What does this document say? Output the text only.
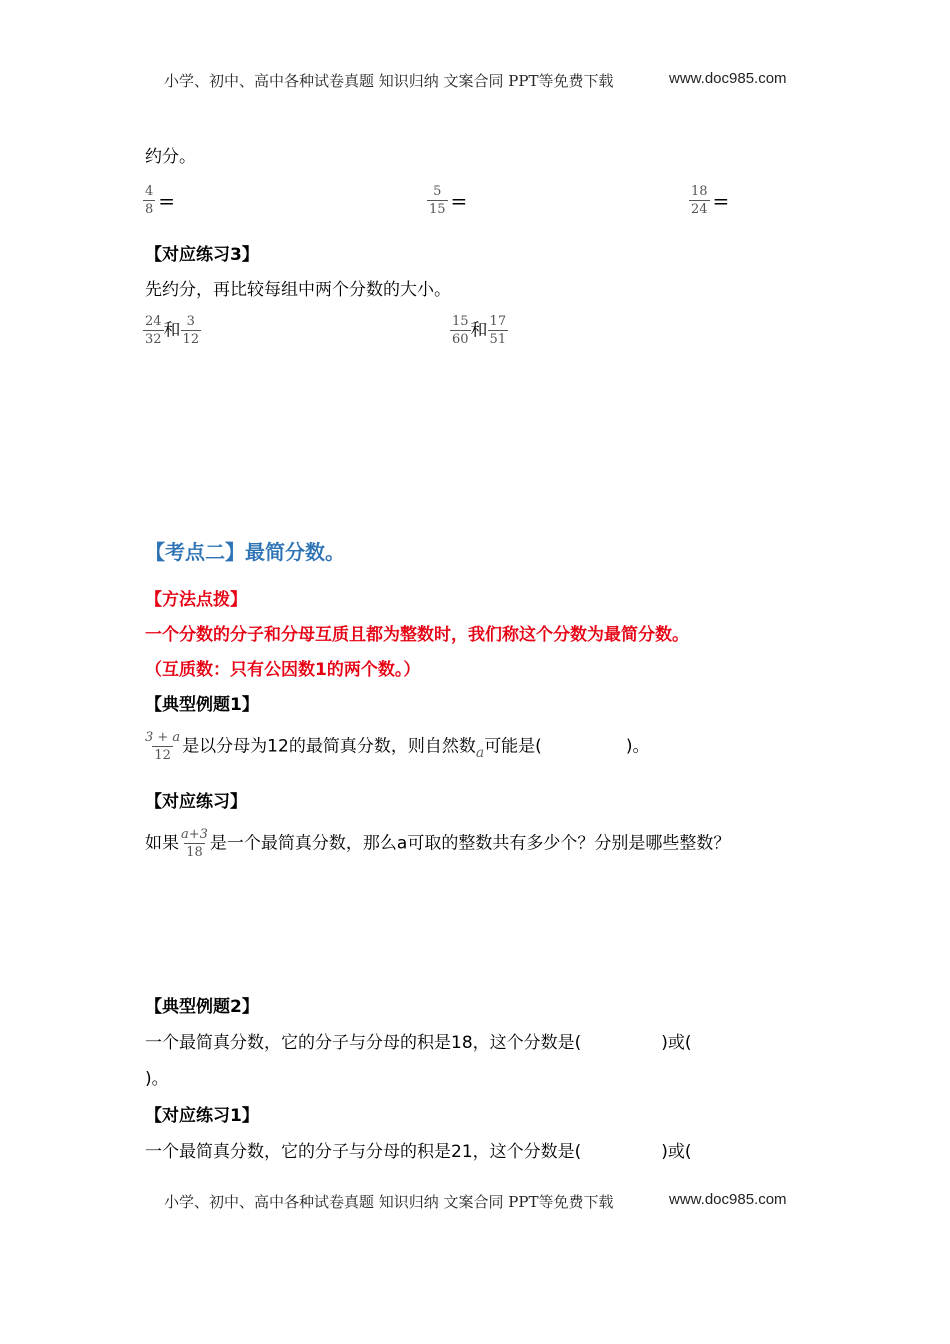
小学、初中、高中各种试卷真题 知识归纳 文案合同 PPT等免费下载	www.doc985.com
约分。
$\frac{4}{8}$ =	$\frac{5}{15}$ =	$\frac{18}{24}$ =
【对应练习3】
先约分，再比较每组中两个分数的大小。
$\frac{24}{32}$ 和 $\frac{3}{12}$	$\frac{15}{60}$ 和 $\frac{17}{51}$
【考点二】最简分数。
【方法点拨】
一个分数的分子和分母互质且都为整数时，我们称这个分数为最简分数。
（互质数：只有公因数1的两个数。）
【典型例题1】
$\frac{3 + a}{12}$ 是以分母为12的最简真分数，则自然数a可能是(	)。
【对应练习】
如果 $\frac{a+3}{18}$ 是一个最简真分数，那么a可取的整数共有多少个？分别是哪些整数？
【典型例题2】
一个最简真分数，它的分子与分母的积是18，这个分数是(	)或(
)。
【对应练习1】
一个最简真分数，它的分子与分母的积是21，这个分数是(	)或(
小学、初中、高中各种试卷真题 知识归纳 文案合同 PPT等免费下载	www.doc985.com
